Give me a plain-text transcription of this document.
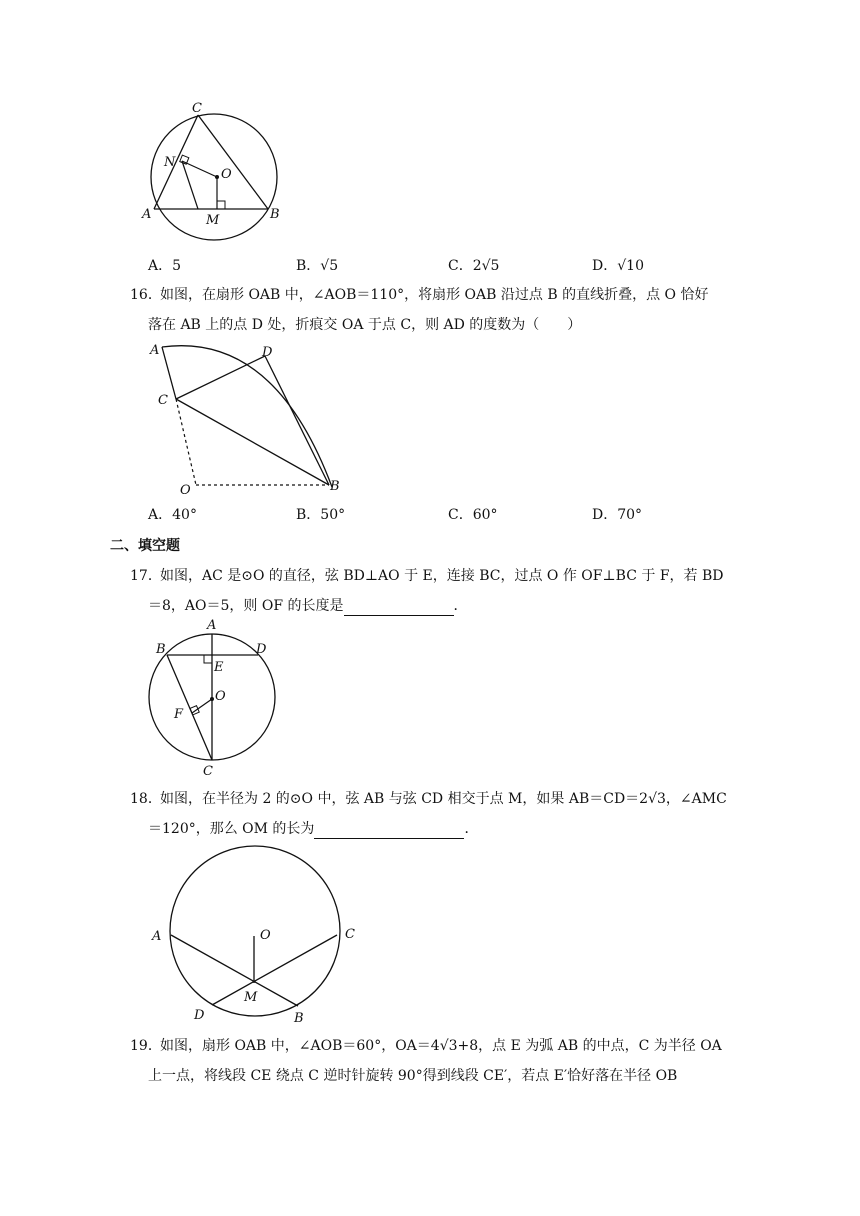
C
N
O
A	M	B
A．5	B．√5	C．2√5	D．√10
16．
如图，在扇形 OAB 中，∠AOB＝110°，将扇形 OAB 沿过点 B 的直线折叠，点 O 恰好
落在 AB 上的点 D 处，折痕交 OA 于点 C，则 AD 的度数为（　　）
A	D
C
O	B
A．40°	B．50°	C．60°	D．70°
二、填空题
17．
如图，AC 是⊙O 的直径，弦 BD⊥AO 于 E，连接 BC，过点 O 作 OF⊥BC 于 F，若 BD
＝8，AO＝5，则 OF 的长度是	．
A
B	D
E
O
F
C
18．
如图，在半径为 2 的⊙O 中，弦 AB 与弦 CD 相交于点 M，如果 AB＝CD＝2√3，∠AMC
＝120°，那么 OM 的长为	．
O
A	C
M
D	B
19．
如图，扇形 OAB 中，∠AOB＝60°，OA＝4√3+8，点 E 为弧 AB 的中点，C 为半径 OA
上一点，将线段 CE 绕点 C 逆时针旋转 90°得到线段 CE′，若点 E′恰好落在半径 OB
